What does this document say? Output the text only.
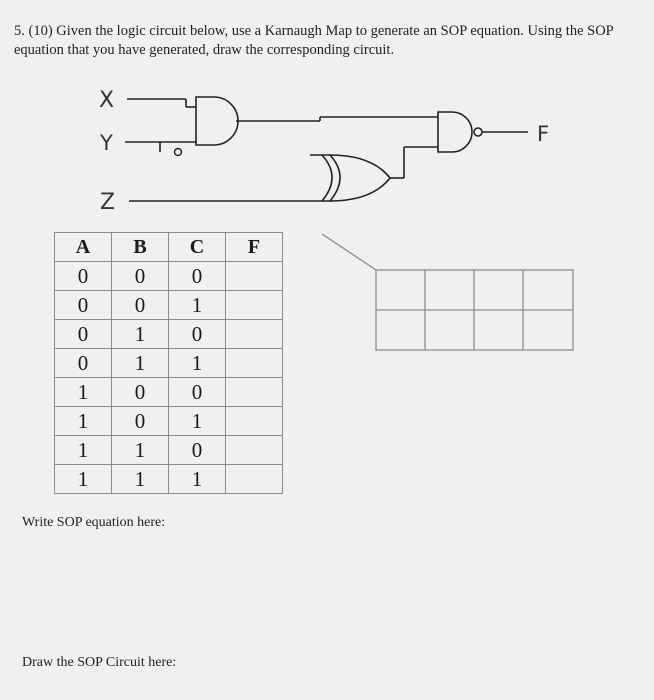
5. (10) Given the logic circuit below, use a Karnaugh Map to generate an SOP equation. Using the SOP equation that you have generated, draw the corresponding circuit.
X
Y
Z
F
A	B	C	F
0	0	0	
0	0	1	
0	1	0	
0	1	1	
1	0	0	
1	0	1	
1	1	0	
1	1	1	
Write SOP equation here:
Draw the SOP Circuit here:
